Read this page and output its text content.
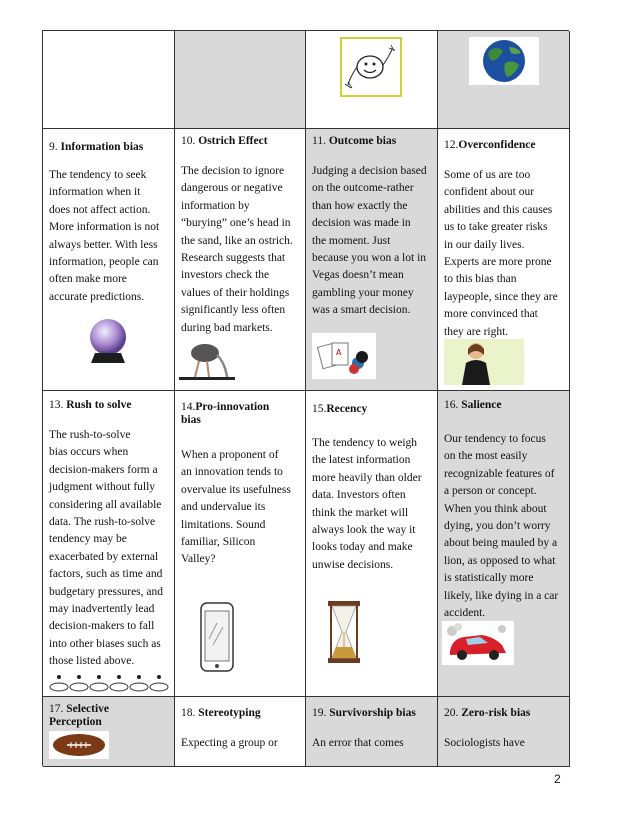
9. Information bias
The tendency to seek
information when it
does not affect action.
More information is not
always better. With less
information, people can
often make more
accurate predictions.
10. Ostrich Effect
The decision to ignore
dangerous or negative
information by
“burying” one’s head in
the sand, like an ostrich.
Research suggests that
investors check the
values of their holdings
significantly less often
during bad markets.
11. Outcome bias
Judging a decision based
on the outcome-rather
than how exactly the
decision was made in
the moment. Just
because you won a lot in
Vegas doesn’t mean
gambling your money
was a smart decision.
A
12.Overconfidence
Some of us are too
confident about our
abilities and this causes
us to take greater risks
in our daily lives.
Experts are more prone
to this bias than
laypeople, since they are
more convinced that
they are right.
13. Rush to solve
The rush-to-solve
bias occurs when
decision-makers form a
judgment without fully
considering all available
data. The rush-to-solve
tendency may be
exacerbated by external
factors, such as time and
budgetary pressures, and
may inadvertently lead
decision-makers to fall
into other biases such as
those listed above.
14.Pro-innovation
bias
When a proponent of
an innovation tends to
overvalue its usefulness
and undervalue its
limitations. Sound
familiar, Silicon
Valley?
15.Recency
The tendency to weigh
the latest information
more heavily than older
data. Investors often
think the market will
always look the way it
looks today and make
unwise decisions.
16. Salience
Our tendency to focus
on the most easily
recognizable features of
a person or concept.
When you think about
dying, you don’t worry
about being mauled by a
lion, as opposed to what
is statistically more
likely, like dying in a car
accident.
17. Selective
Perception
18. Stereotyping
Expecting a group or
19. Survivorship bias
An error that comes
20. Zero-risk bias
Sociologists have
2
